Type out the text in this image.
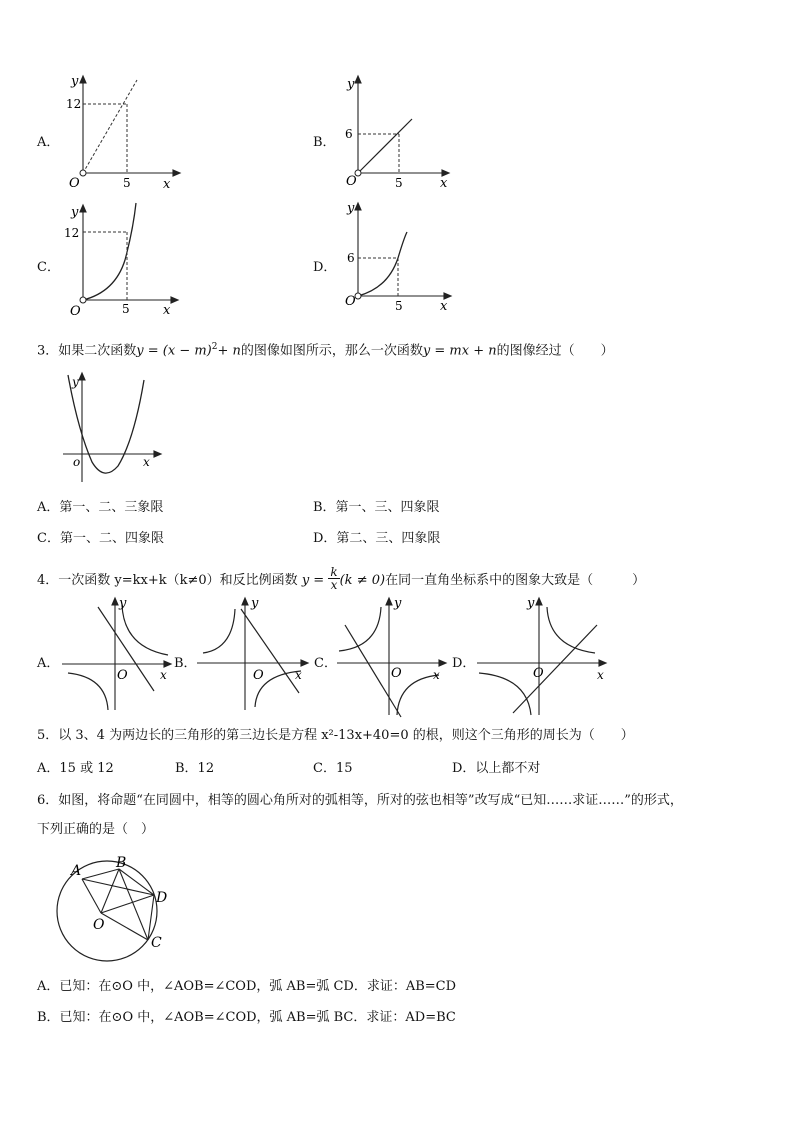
A．
12
5
O	x
y
B．
6
5
O	x
y
C．
12
5
O	x
y
D．
6
5
O	x
y
3．如果二次函数$y = (x - m)^2+ n$的图像如图所示，那么一次函数y = mx + n的图像经过（　　）
o	x
y
A．第一、二、三象限	B．第一、三、四象限
C．第一、二、四象限	D．第二、三、四象限
4．一次函数 y=kx+k（k≠0）和反比例函数 $y = \frac{k}{x} (k \ne 0)$在同一直角坐标系中的图象大致是（　　　）
A．
O	x
y
B．
O	x
y
C．
O	x
y
D．
O	x
y
5．以 3、4 为两边长的三角形的第三边长是方程 x²-13x+40=0 的根，则这个三角形的周长为（　　）
A．15 或 12	B．12	C．15	D．以上都不对
6．如图，将命题“在同圆中，相等的圆心角所对的弧相等，所对的弦也相等”改写成“已知……求证……”的形式，
下列正确的是（　）
A B
D
C
O
A．已知：在⊙O 中，∠AOB=∠COD，弧 AB=弧 CD．求证：AB=CD
B．已知：在⊙O 中，∠AOB=∠COD，弧 AB=弧 BC．求证：AD=BC
